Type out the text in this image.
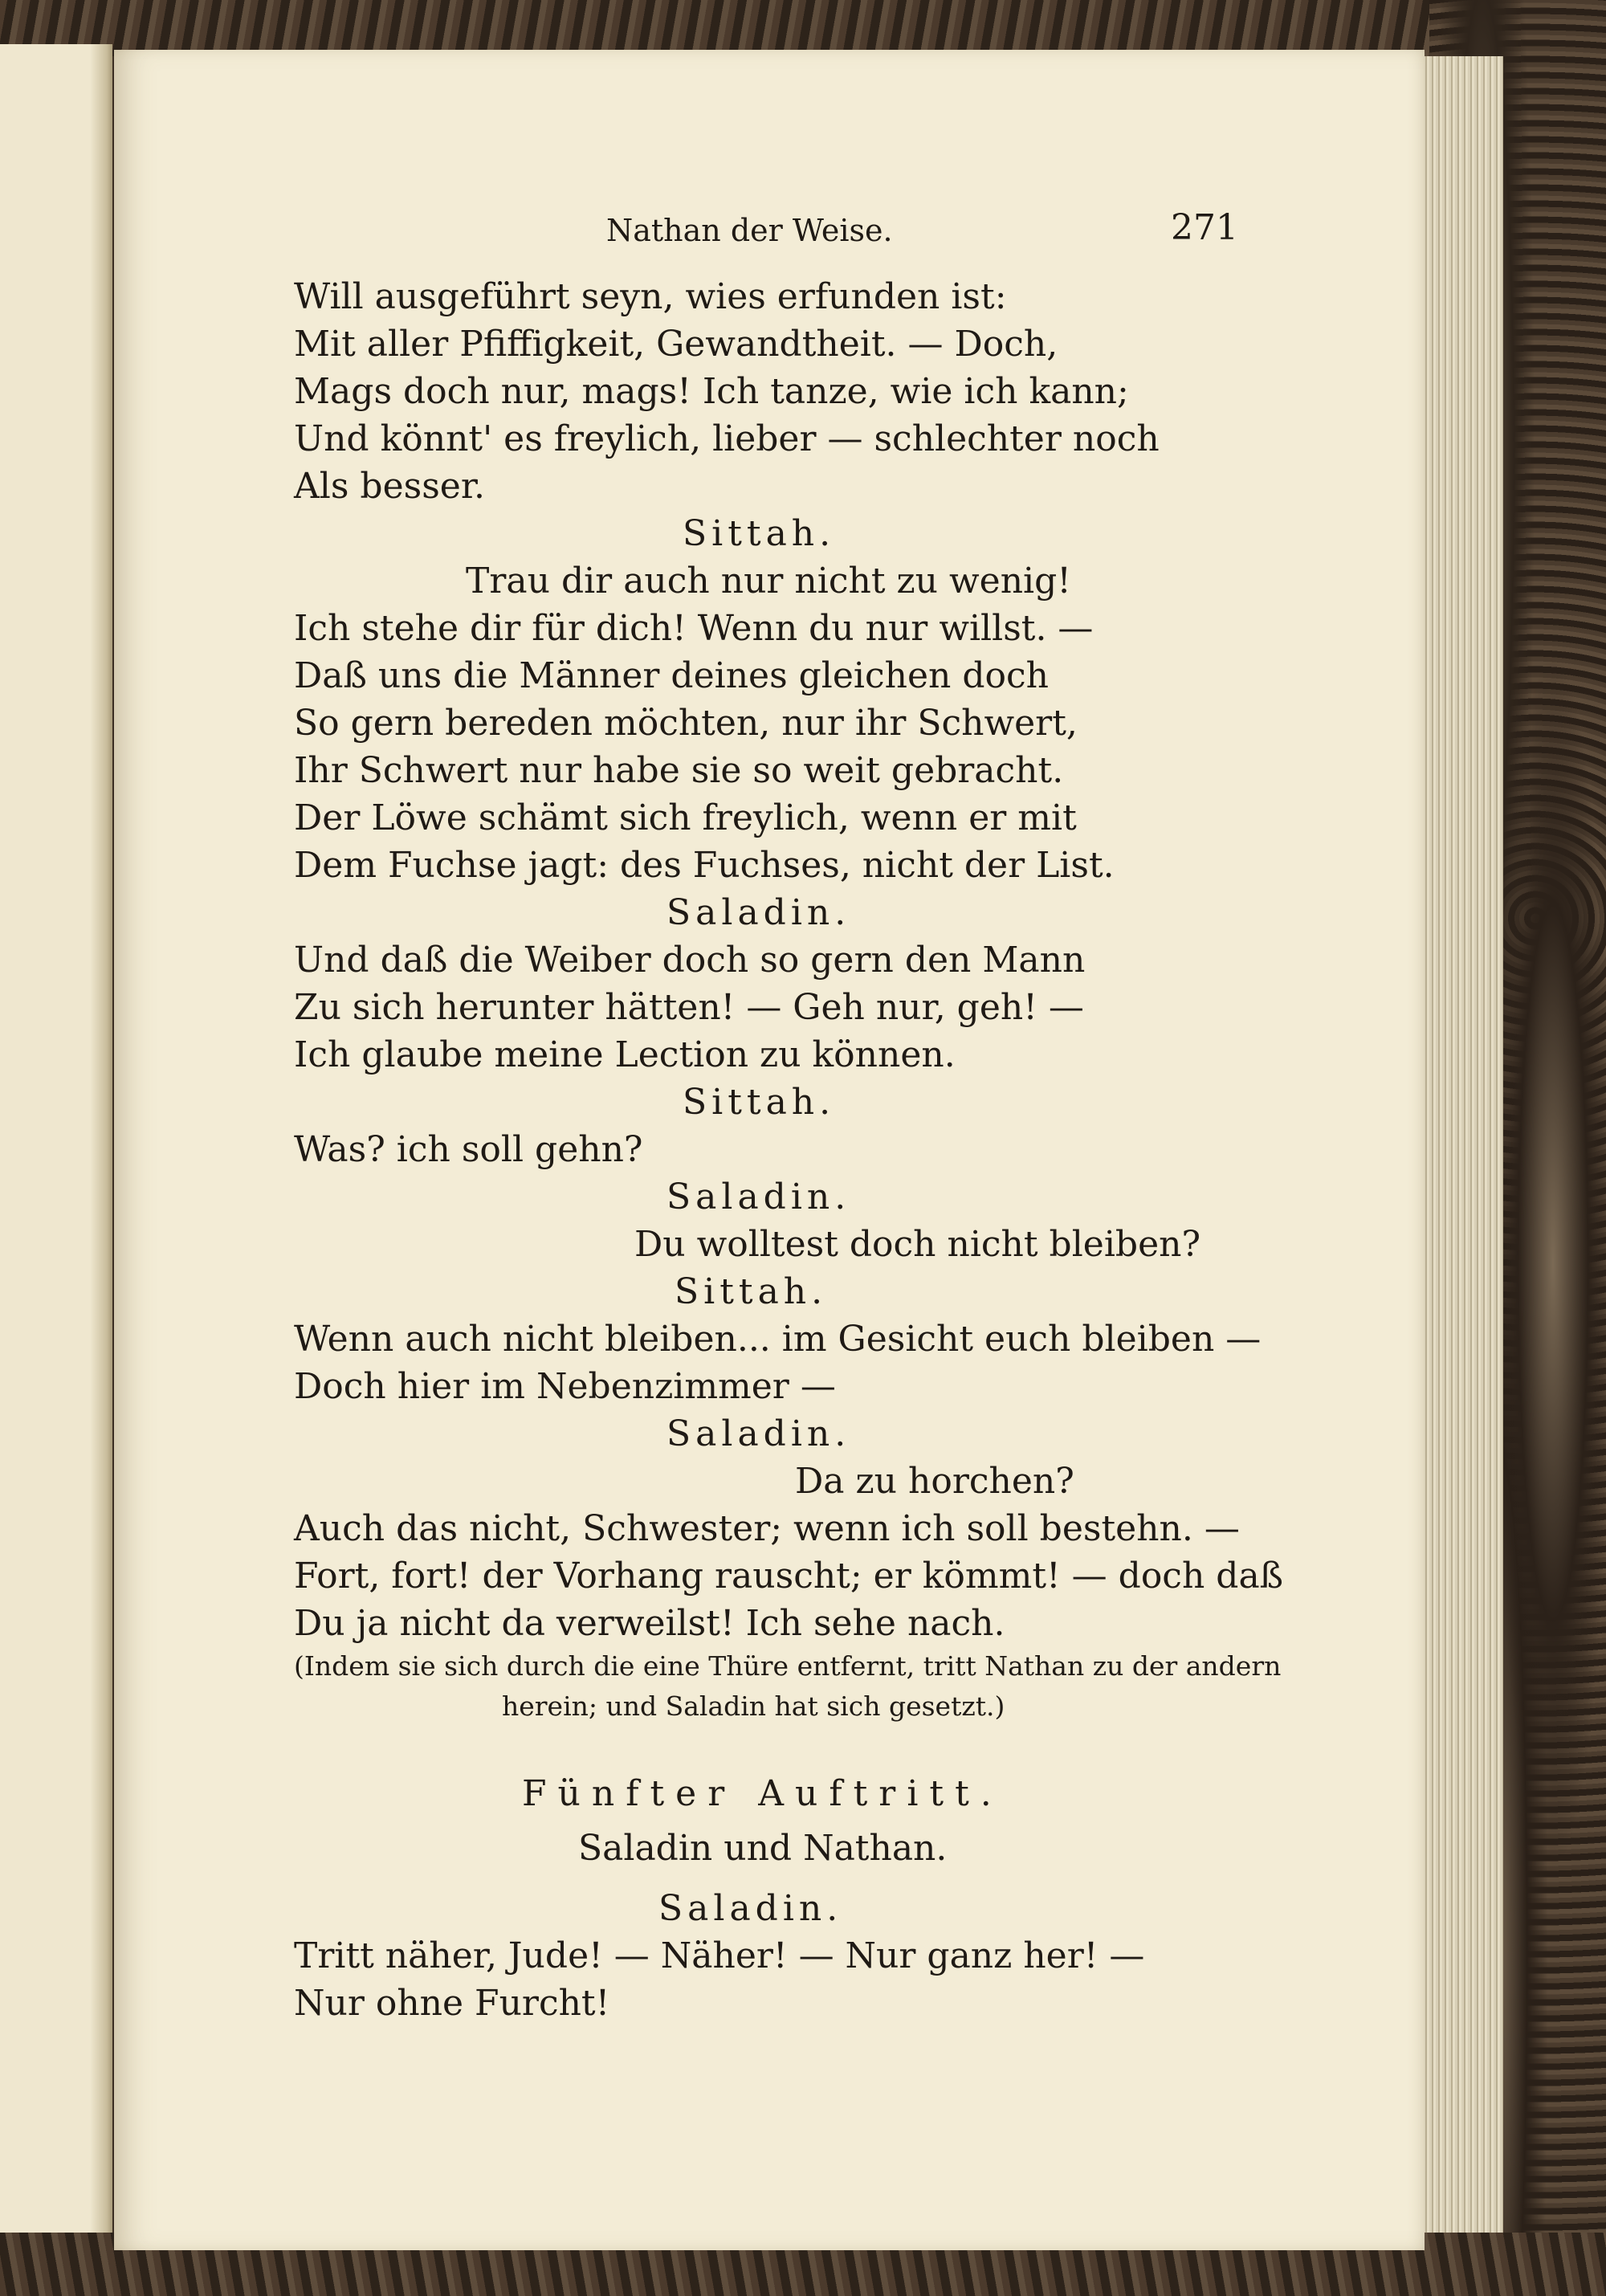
Nathan der Weise.	271
Will ausgeführt seyn, wies erfunden ist:
Mit aller Pfiffigkeit, Gewandtheit. — Doch,
Mags doch nur, mags! Ich tanze, wie ich kann;
Und könnt' es freylich, lieber — schlechter noch
Als besser.
Sittah.
Trau dir auch nur nicht zu wenig!
Ich stehe dir für dich! Wenn du nur willst. —
Daß uns die Männer deines gleichen doch
So gern bereden möchten, nur ihr Schwert,
Ihr Schwert nur habe sie so weit gebracht.
Der Löwe schämt sich freylich, wenn er mit
Dem Fuchse jagt: des Fuchses, nicht der List.
Saladin.
Und daß die Weiber doch so gern den Mann
Zu sich herunter hätten! — Geh nur, geh! —
Ich glaube meine Lection zu können.
Sittah.
Was? ich soll gehn?
Saladin.
Du wolltest doch nicht bleiben?
Sittah.
Wenn auch nicht bleiben... im Gesicht euch bleiben —
Doch hier im Nebenzimmer —
Saladin.
Da zu horchen?
Auch das nicht, Schwester; wenn ich soll bestehn. —
Fort, fort! der Vorhang rauscht; er kömmt! — doch daß
Du ja nicht da verweilst! Ich sehe nach.
(Indem sie sich durch die eine Thüre entfernt, tritt Nathan zu der andern
herein; und Saladin hat sich gesetzt.)
Fünfter Auftritt.
Saladin und Nathan.
Saladin.
Tritt näher, Jude! — Näher! — Nur ganz her! —
Nur ohne Furcht!
